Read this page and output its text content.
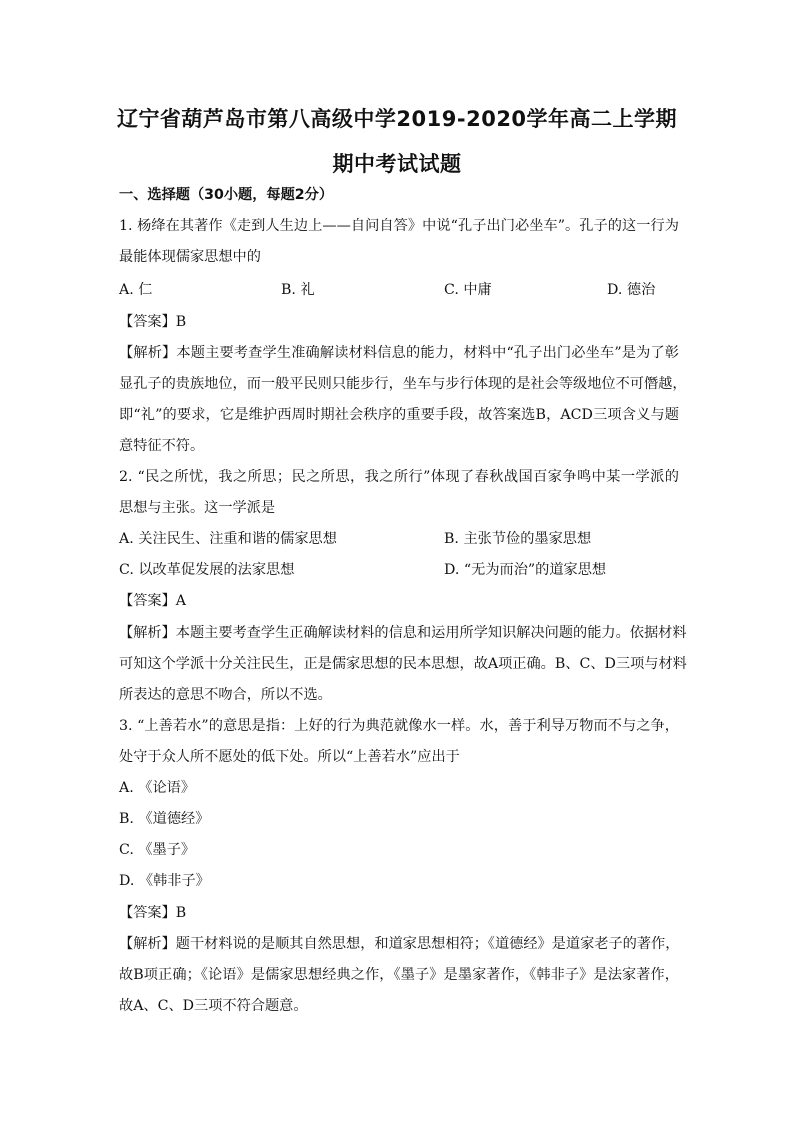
辽宁省葫芦岛市第八高级中学2019-2020学年高二上学期
期中考试试题
一、选择题（30小题，每题2分）
1. 杨绛在其著作《走到人生边上——自问自答》中说“孔子出门必坐车”。孔子的这一行为
最能体现儒家思想中的
A. 仁	B. 礼	C. 中庸	D. 德治
【答案】B
【解析】本题主要考查学生准确解读材料信息的能力，材料中“孔子出门必坐车”是为了彰
显孔子的贵族地位，而一般平民则只能步行，坐车与步行体现的是社会等级地位不可僭越，
即“礼”的要求，它是维护西周时期社会秩序的重要手段，故答案选B，ACD三项含义与题
意特征不符。
2. “民之所忧，我之所思；民之所思，我之所行”体现了春秋战国百家争鸣中某一学派的
思想与主张。这一学派是
A. 关注民生、注重和谐的儒家思想	B. 主张节俭的墨家思想
C. 以改革促发展的法家思想	D. “无为而治”的道家思想
【答案】A
【解析】本题主要考查学生正确解读材料的信息和运用所学知识解决问题的能力。依据材料
可知这个学派十分关注民生，正是儒家思想的民本思想，故A项正确。B、C、D三项与材料
所表达的意思不吻合，所以不选。
3. “上善若水”的意思是指：上好的行为典范就像水一样。水，善于利导万物而不与之争，
处守于众人所不愿处的低下处。所以“上善若水”应出于
A. 《论语》
B. 《道德经》
C. 《墨子》
D. 《韩非子》
【答案】B
【解析】题干材料说的是顺其自然思想，和道家思想相符；《道德经》是道家老子的著作，
故B项正确；《论语》是儒家思想经典之作，《墨子》是墨家著作，《韩非子》是法家著作，
故A、C、D三项不符合题意。
